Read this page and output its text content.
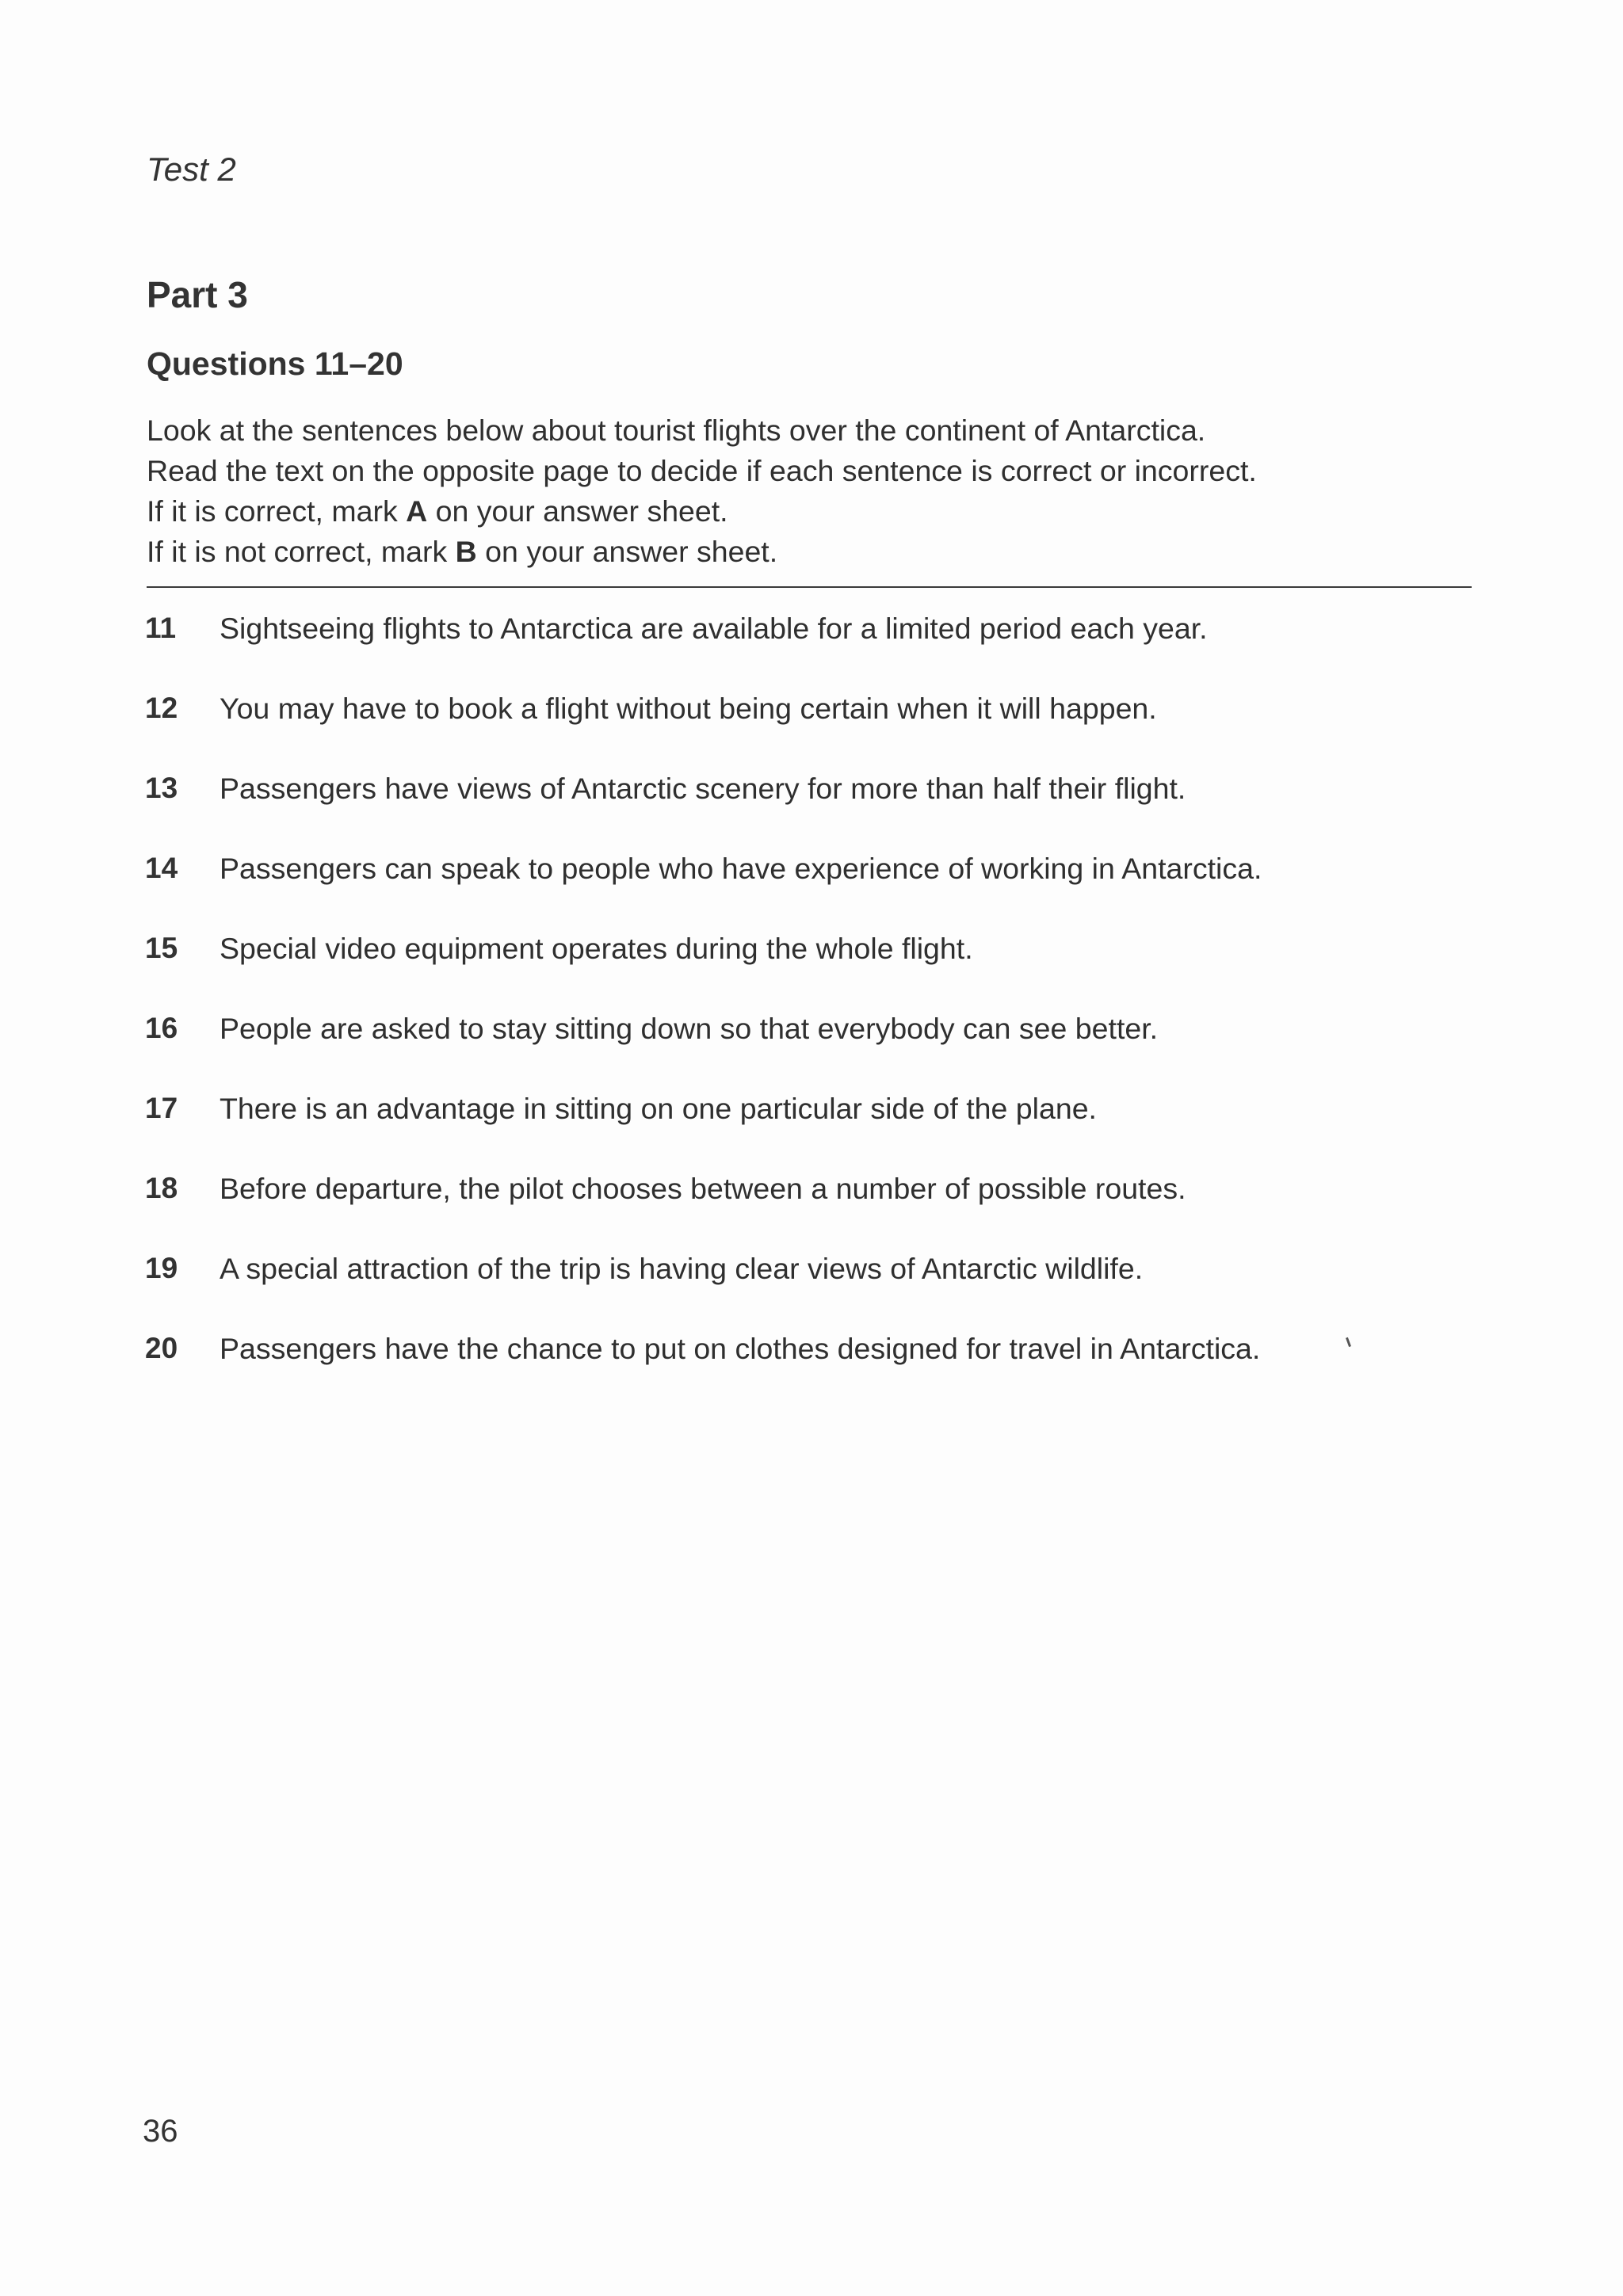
Test 2
Part 3
Questions 11–20
Look at the sentences below about tourist flights over the continent of Antarctica.
Read the text on the opposite page to decide if each sentence is correct or incorrect.
If it is correct, mark A on your answer sheet.
If it is not correct, mark B on your answer sheet.
11 Sightseeing flights to Antarctica are available for a limited period each year.
12 You may have to book a flight without being certain when it will happen.
13 Passengers have views of Antarctic scenery for more than half their flight.
14 Passengers can speak to people who have experience of working in Antarctica.
15 Special video equipment operates during the whole flight.
16 People are asked to stay sitting down so that everybody can see better.
17 There is an advantage in sitting on one particular side of the plane.
18 Before departure, the pilot chooses between a number of possible routes.
19 A special attraction of the trip is having clear views of Antarctic wildlife.
20 Passengers have the chance to put on clothes designed for travel in Antarctica.
36
